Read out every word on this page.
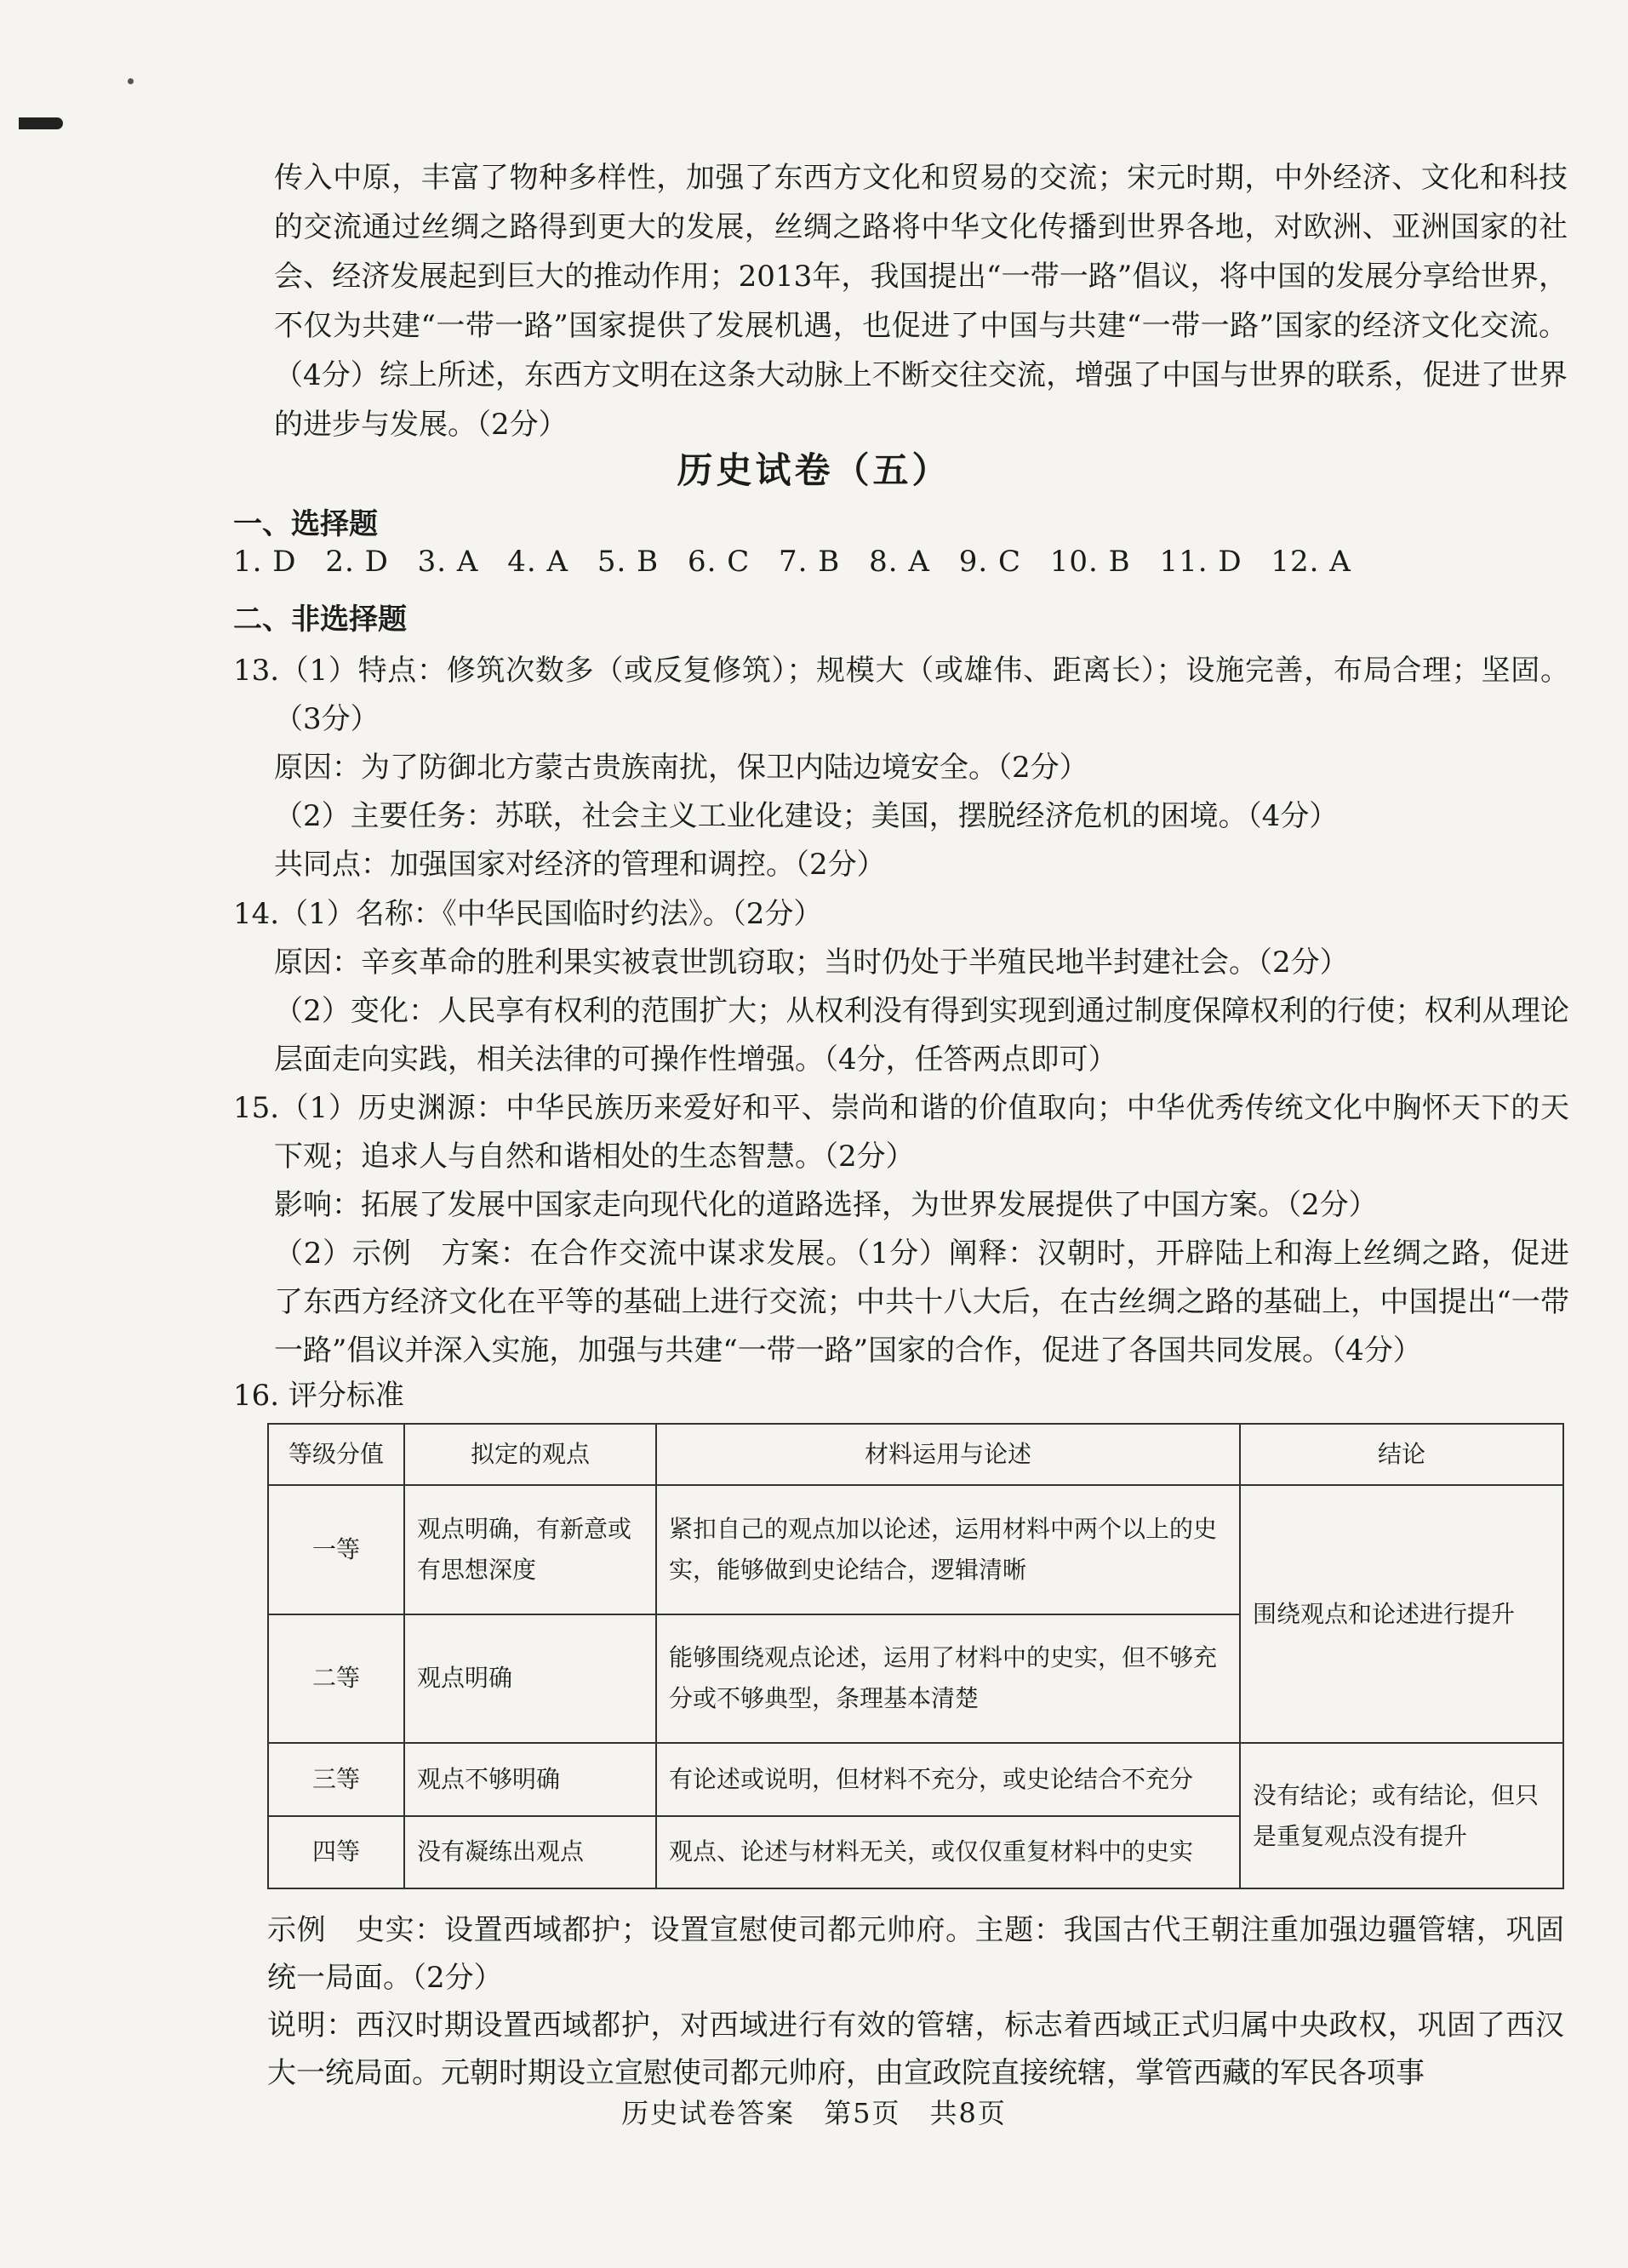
传入中原，丰富了物种多样性，加强了东西方文化和贸易的交流；宋元时期，中外经济、文化和科技的交流通过丝绸之路得到更大的发展，丝绸之路将中华文化传播到世界各地，对欧洲、亚洲国家的社会、经济发展起到巨大的推动作用；2013年，我国提出“一带一路”倡议，将中国的发展分享给世界，不仅为共建“一带一路”国家提供了发展机遇，也促进了中国与共建“一带一路”国家的经济文化交流。（4分）综上所述，东西方文明在这条大动脉上不断交往交流，增强了中国与世界的联系，促进了世界的进步与发展。（2分）

历史试卷（五）
一、选择题
1. D 2. D 3. A 4. A 5. B 6. C 7. B 8. A 9. C 10. B 11. D 12. A
二、非选择题

13.（1）特点：修筑次数多（或反复修筑）；规模大（或雄伟、距离长）；设施完善，布局合理；坚固。（3分）

原因：为了防御北方蒙古贵族南扰，保卫内陆边境安全。（2分）

（2）主要任务：苏联，社会主义工业化建设；美国，摆脱经济危机的困境。（4分）

共同点：加强国家对经济的管理和调控。（2分）

14.（1）名称：《中华民国临时约法》。（2分）

原因：辛亥革命的胜利果实被袁世凯窃取；当时仍处于半殖民地半封建社会。（2分）

（2）变化：人民享有权利的范围扩大；从权利没有得到实现到通过制度保障权利的行使；权利从理论层面走向实践，相关法律的可操作性增强。（4分，任答两点即可）

15.（1）历史渊源：中华民族历来爱好和平、崇尚和谐的价值取向；中华优秀传统文化中胸怀天下的天下观；追求人与自然和谐相处的生态智慧。（2分）

影响：拓展了发展中国家走向现代化的道路选择，为世界发展提供了中国方案。（2分）

（2）示例　方案：在合作交流中谋求发展。（1分）阐释：汉朝时，开辟陆上和海上丝绸之路，促进了东西方经济文化在平等的基础上进行交流；中共十八大后，在古丝绸之路的基础上，中国提出“一带一路”倡议并深入实施，加强与共建“一带一路”国家的合作，促进了各国共同发展。（4分）

16. 评分标准
等级分值	拟定的观点	材料运用与论述	结论
一等	观点明确，有新意或有思想深度	紧扣自己的观点加以论述，运用材料中两个以上的史实，能够做到史论结合，逻辑清晰	围绕观点和论述进行提升
二等	观点明确	能够围绕观点论述，运用了材料中的史实，但不够充分或不够典型，条理基本清楚	
三等	观点不够明确	有论述或说明，但材料不充分，或史论结合不充分	没有结论；或有结论，但只是重复观点没有提升
四等	没有凝练出观点	观点、论述与材料无关，或仅仅重复材料中的史实	

示例　史实：设置西域都护；设置宣慰使司都元帅府。主题：我国古代王朝注重加强边疆管辖，巩固统一局面。（2分）

说明：西汉时期设置西域都护，对西域进行有效的管辖，标志着西域正式归属中央政权，巩固了西汉大一统局面。元朝时期设立宣慰使司都元帅府，由宣政院直接统辖，掌管西藏的军民各项事

历史试卷答案　第5页　共8页
